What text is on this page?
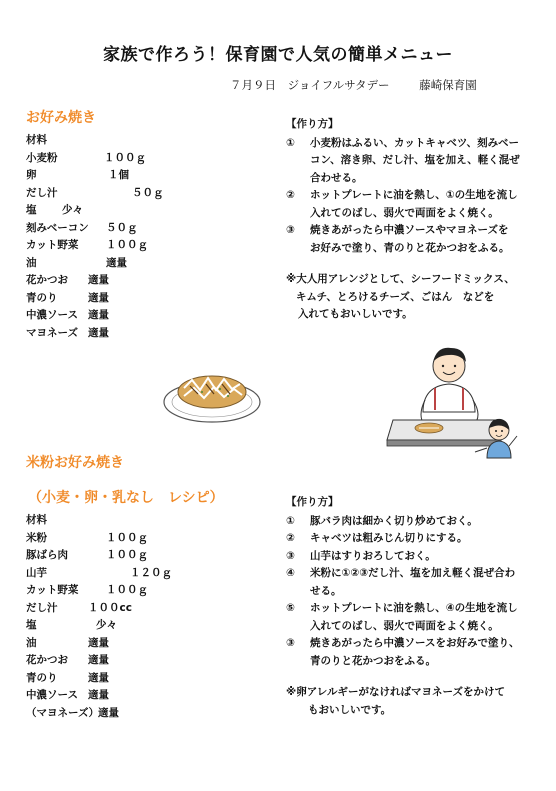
家族で作ろう！保育園で人気の簡単メニュー
７月９日 ジョイフルサタデー	藤崎保育園
お好み焼き
材料
小麦粉	１００ｇ
卵	１個
だし汁	５０ｇ
塩 少々
刻みベーコン ５０ｇ
カット野菜	１００ｇ
油	適量
花かつお 適量
青のり	適量
中濃ソース 適量
マヨネーズ 適量
【作り方】
① 小麦粉はふるい、カットキャベツ、刻みベー
コン、溶き卵、だし汁、塩を加え、軽く混ぜ
合わせる。
② ホットプレートに油を熱し、①の生地を流し
入れてのばし、弱火で両面をよく焼く。
③ 焼きあがったら中濃ソースやマヨネーズを
お好みで塗り、青のりと花かつおをふる。
※大人用アレンジとして、シーフードミックス、
キムチ、とろけるチーズ、ごはん　などを
入れてもおいしいです。
米粉お好み焼き
（小麦・卵・乳なし　レシピ）
材料
米粉	１００ｇ
豚ばら肉	１００ｇ
山芋	１２０ｇ
カット野菜	１００ｇ
だし汁	１００cc
塩	少々
油	適量
花かつお 適量
青のり	適量
中濃ソース 適量
（マヨネーズ） 適量
【作り方】
① 豚バラ肉は細かく切り炒めておく。
② キャベツは粗みじん切りにする。
③ 山芋はすりおろしておく。
④ 米粉に①②③だし汁、塩を加え軽く混ぜ合わ
せる。
⑤ ホットプレートに油を熱し、④の生地を流し
入れてのばし、弱火で両面をよく焼く。
③ 焼きあがったら中濃ソースをお好みで塗り、
青のりと花かつおをふる。
※卵アレルギーがなければマヨネーズをかけて
もおいしいです。
